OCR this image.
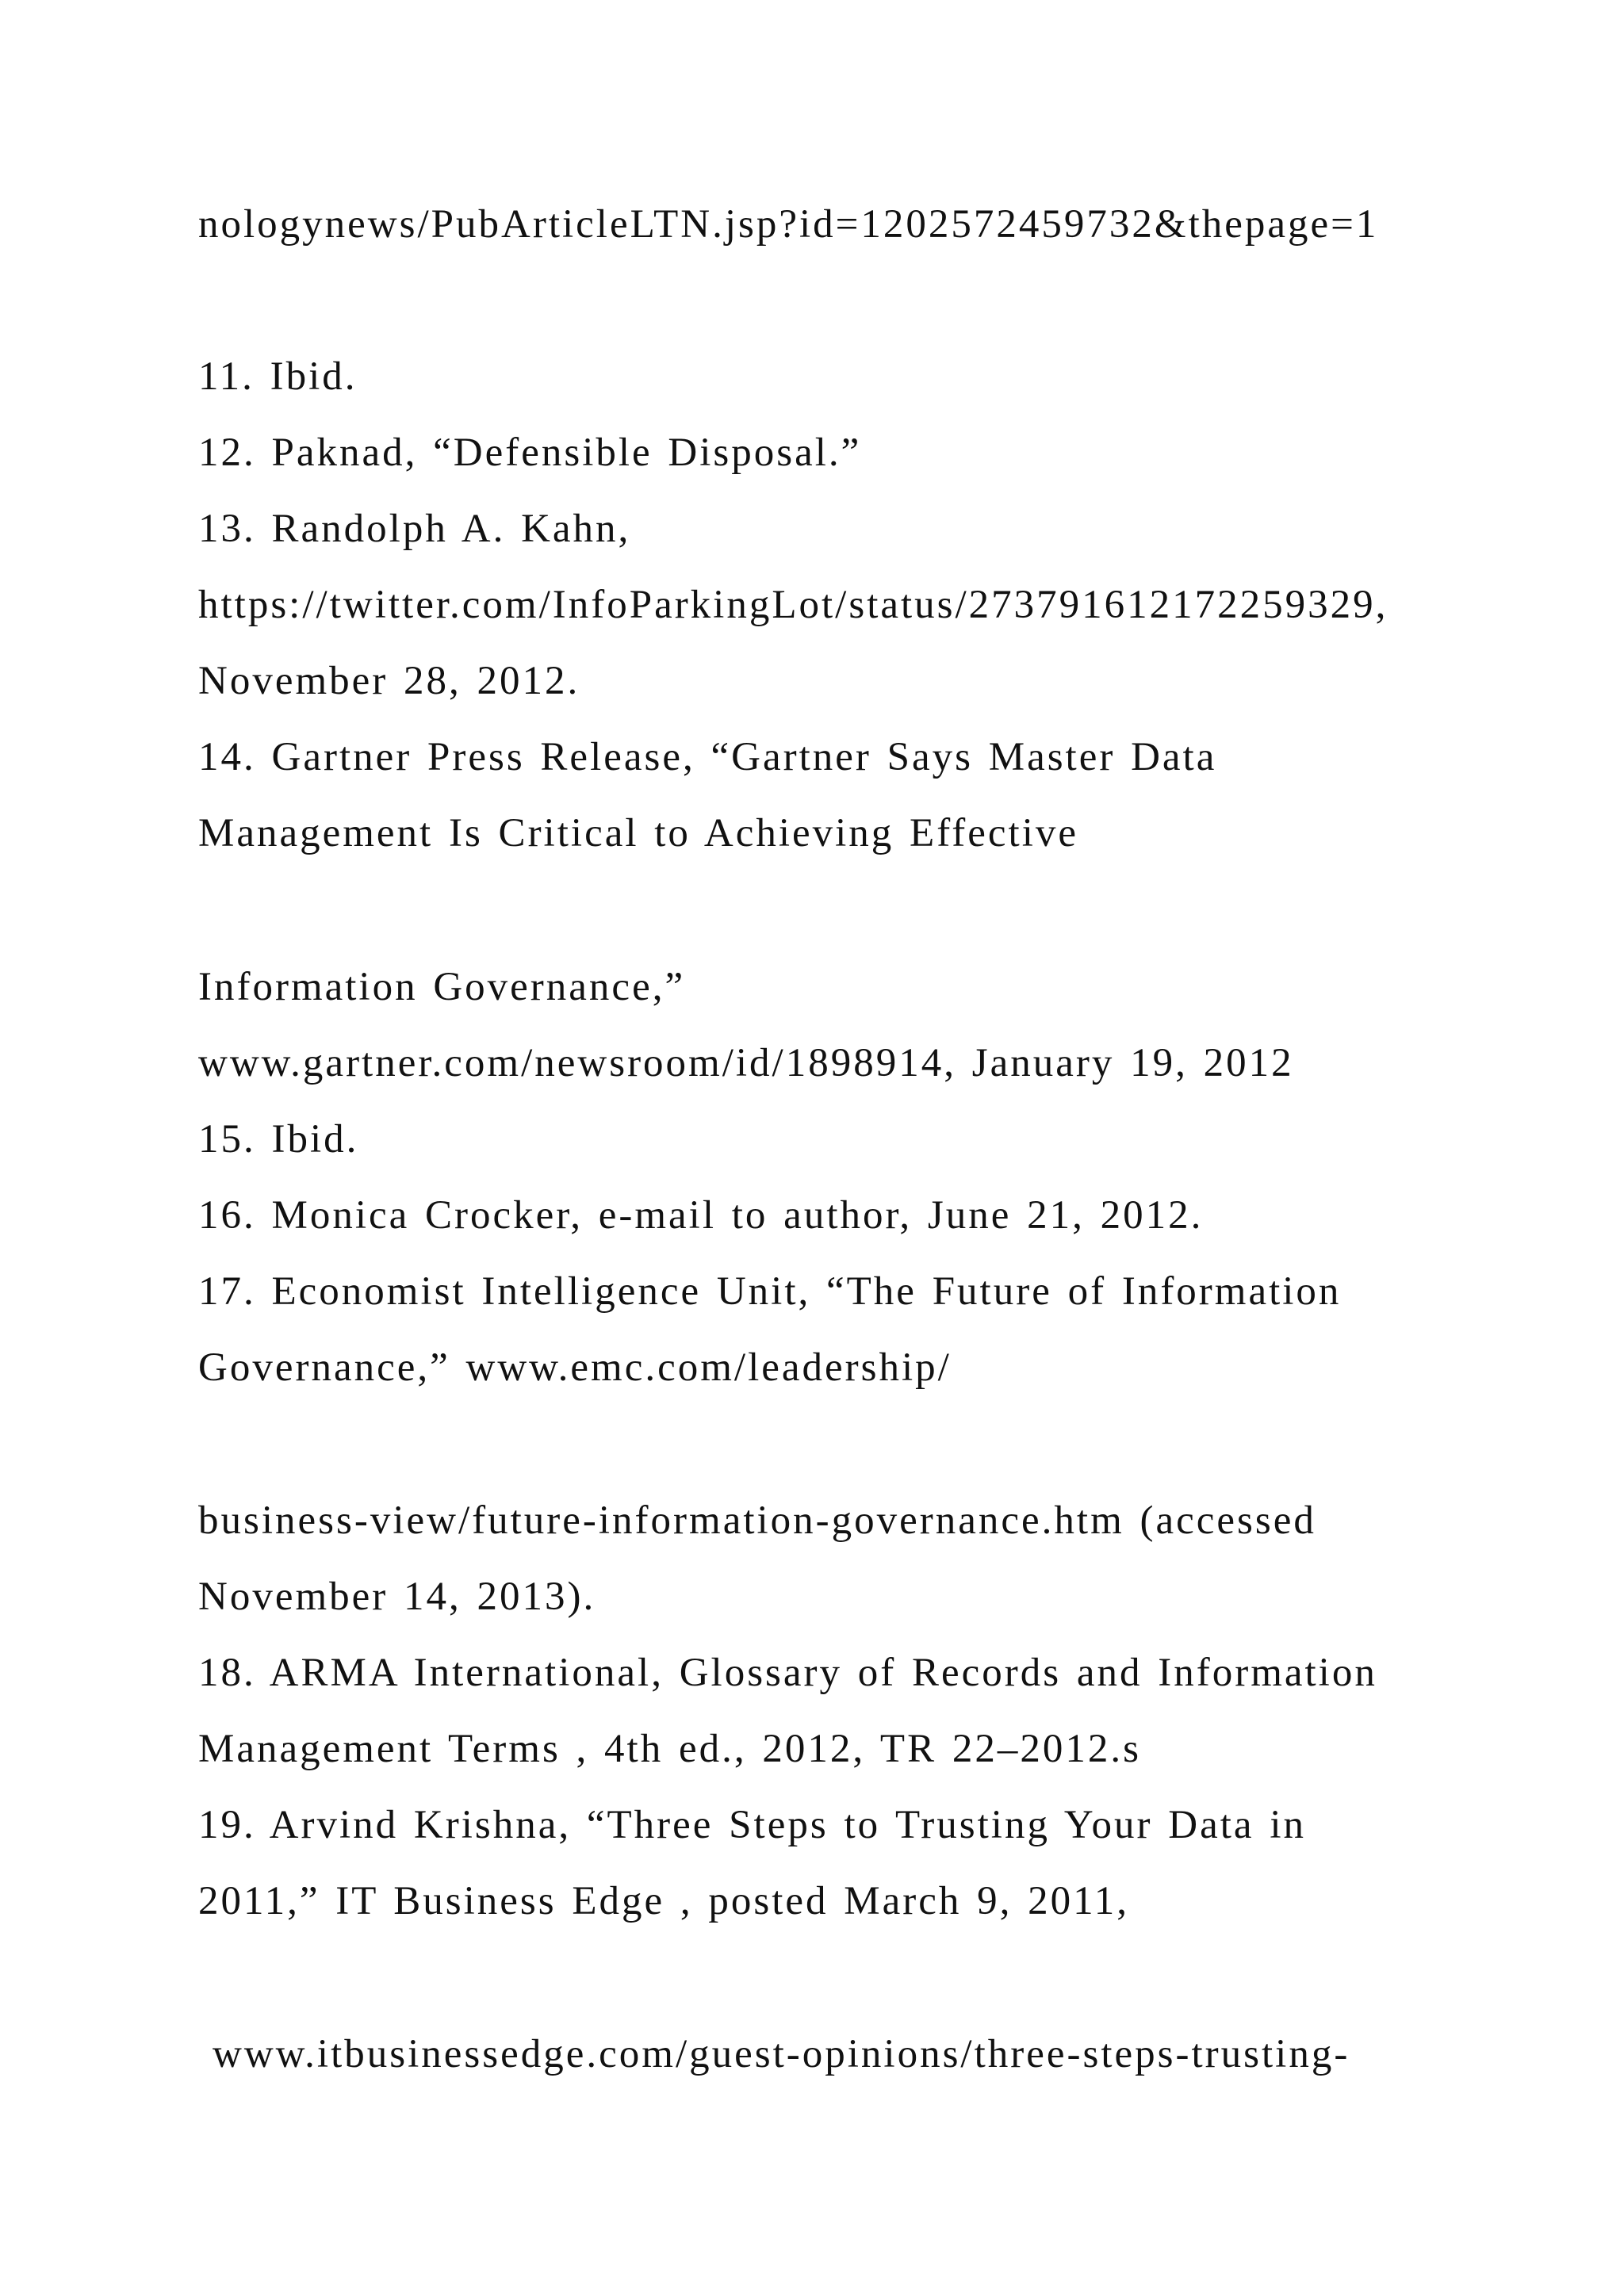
nologynews/PubArticleLTN.jsp?id=1202572459732&thepage=1
11. Ibid.
12. Paknad, “Defensible Disposal.”
13. Randolph A. Kahn,
https://twitter.com/InfoParkingLot/status/273791612172259329,
November 28, 2012.
14. Gartner Press Release, “Gartner Says Master Data
Management Is Critical to Achieving Effective
Information Governance,”
www.gartner.com/newsroom/id/1898914, January 19, 2012
15. Ibid.
16. Monica Crocker, e-mail to author, June 21, 2012.
17. Economist Intelligence Unit, “The Future of Information
Governance,” www.emc.com/leadership/
business-view/future-information-governance.htm (accessed
November 14, 2013).
18. ARMA International, Glossary of Records and Information
Management Terms , 4th ed., 2012, TR 22–2012.s
19. Arvind Krishna, “Three Steps to Trusting Your Data in
2011,” IT Business Edge , posted March 9, 2011,
www.itbusinessedge.com/guest-opinions/three-steps-trusting-
